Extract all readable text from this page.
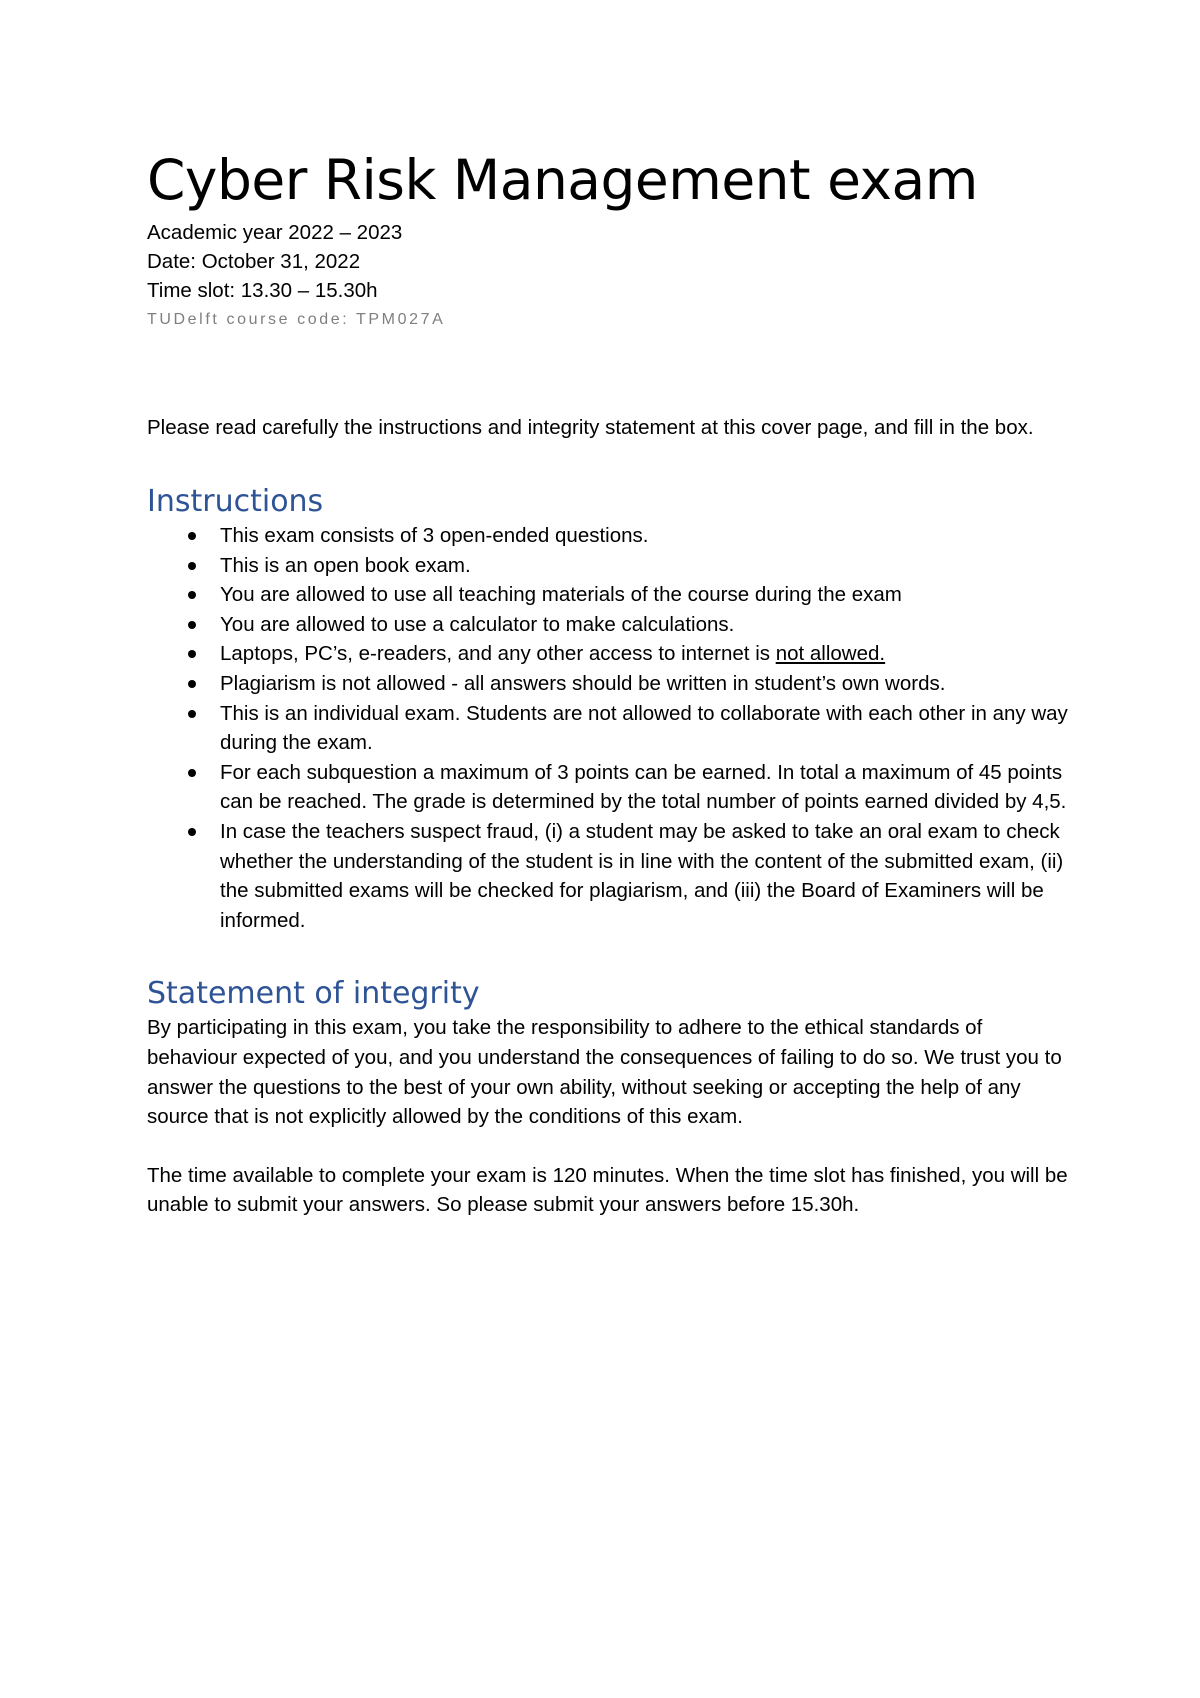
Cyber Risk Management exam

Academic year 2022 – 2023

Date: October 31, 2022

Time slot: 13.30 – 15.30h

TUDelft course code: TPM027A

Please read carefully the instructions and integrity statement at this cover page, and fill in the box.

Instructions
This exam consists of 3 open-ended questions.
This is an open book exam.
You are allowed to use all teaching materials of the course during the exam
You are allowed to use a calculator to make calculations.
Laptops, PC’s, e-readers, and any other access to internet is not allowed.
Plagiarism is not allowed - all answers should be written in student’s own words.
This is an individual exam. Students are not allowed to collaborate with each other in any way during the exam.
For each subquestion a maximum of 3 points can be earned. In total a maximum of 45 points can be reached. The grade is determined by the total number of points earned divided by 4,5.
In case the teachers suspect fraud, (i) a student may be asked to take an oral exam to check whether the understanding of the student is in line with the content of the submitted exam, (ii) the submitted exams will be checked for plagiarism, and (iii) the Board of Examiners will be informed.
Statement of integrity

By participating in this exam, you take the responsibility to adhere to the ethical standards of behaviour expected of you, and you understand the consequences of failing to do so. We trust you to answer the questions to the best of your own ability, without seeking or accepting the help of any source that is not explicitly allowed by the conditions of this exam.

The time available to complete your exam is 120 minutes. When the time slot has finished, you will be unable to submit your answers. So please submit your answers before 15.30h.
